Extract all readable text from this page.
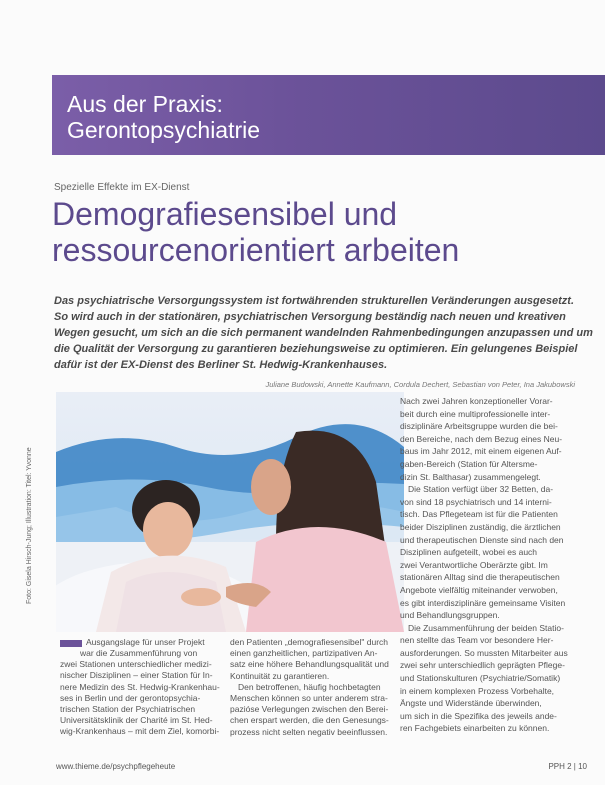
Aus der Praxis:
Gerontopsychiatrie
Spezielle Effekte im EX-Dienst
Demografiesensibel und
ressourcenorientiert arbeiten
Das psychiatrische Versorgungssystem ist fortwährenden strukturellen Veränderungen ausgesetzt.
So wird auch in der stationären, psychiatrischen Versorgung beständig nach neuen und kreativen
Wegen gesucht, um sich an die sich permanent wandelnden Rahmenbedingungen anzupassen und um
die Qualität der Versorgung zu garantieren beziehungsweise zu optimieren. Ein gelungenes Beispiel
dafür ist der EX-Dienst des Berliner St. Hedwig-Krankenhauses.
Juliane Budowski, Annette Kaufmann, Cordula Dechert, Sebastian von Peter, Ina Jakubowski
Foto: Gisela Hirsch-Jung; Illustration: Titel: Yvonne
Ausgangslage für unser Projekt
war die Zusammenführung von
zwei Stationen unterschiedlicher medizi-
nischer Disziplinen – einer Station für In-
nere Medizin des St. Hedwig-Krankenhau-
ses in Berlin und der gerontopsychia-
trischen Station der Psychiatrischen
Universitätsklinik der Charité im St. Hed-
wig-Krankenhaus – mit dem Ziel, komorbi-
den Patienten „demografiesensibel" durch
einen ganzheitlichen, partizipativen An-
satz eine höhere Behandlungsqualität und
Kontinuität zu garantieren.
Den betroffenen, häufig hochbetagten
Menschen können so unter anderem stra-
pazióse Verlegungen zwischen den Berei-
chen erspart werden, die den Genesungs-
prozess nicht selten negativ beeinflussen.
Nach zwei Jahren konzeptioneller Vorar-
beit durch eine multiprofessionelle inter-
disziplinäre Arbeitsgruppe wurden die bei-
den Bereiche, nach dem Bezug eines Neu-
baus im Jahr 2012, mit einem eigenen Auf-
gaben-Bereich (Station für Altersme-
dizin St. Balthasar) zusammengelegt.
Die Station verfügt über 32 Betten, da-
von sind 18 psychiatrisch und 14 interni-
tisch. Das Pflegeteam ist für die Patienten
beider Disziplinen zuständig, die ärztlichen
und therapeutischen Dienste sind nach den
Disziplinen aufgeteilt, wobei es auch
zwei Verantwortliche Oberärzte gibt. Im
stationären Alltag sind die therapeutischen
Angebote vielfältig miteinander verwoben,
es gibt interdisziplinäre gemeinsame Visiten
und Behandlungsgruppen.
Die Zusammenführung der beiden Statio-
nen stellte das Team vor besondere Her-
ausforderungen. So mussten Mitarbeiter aus
zwei sehr unterschiedlich geprägten Pflege-
und Stationskulturen (Psychiatrie/Somatik)
in einem komplexen Prozess Vorbehalte,
Ängste und Widerstände überwinden,
um sich in die Spezifika des jeweils ande-
ren Fachgebiets einarbeiten zu können.
www.thieme.de/psychpflegeheute	PPH 2 | 10
